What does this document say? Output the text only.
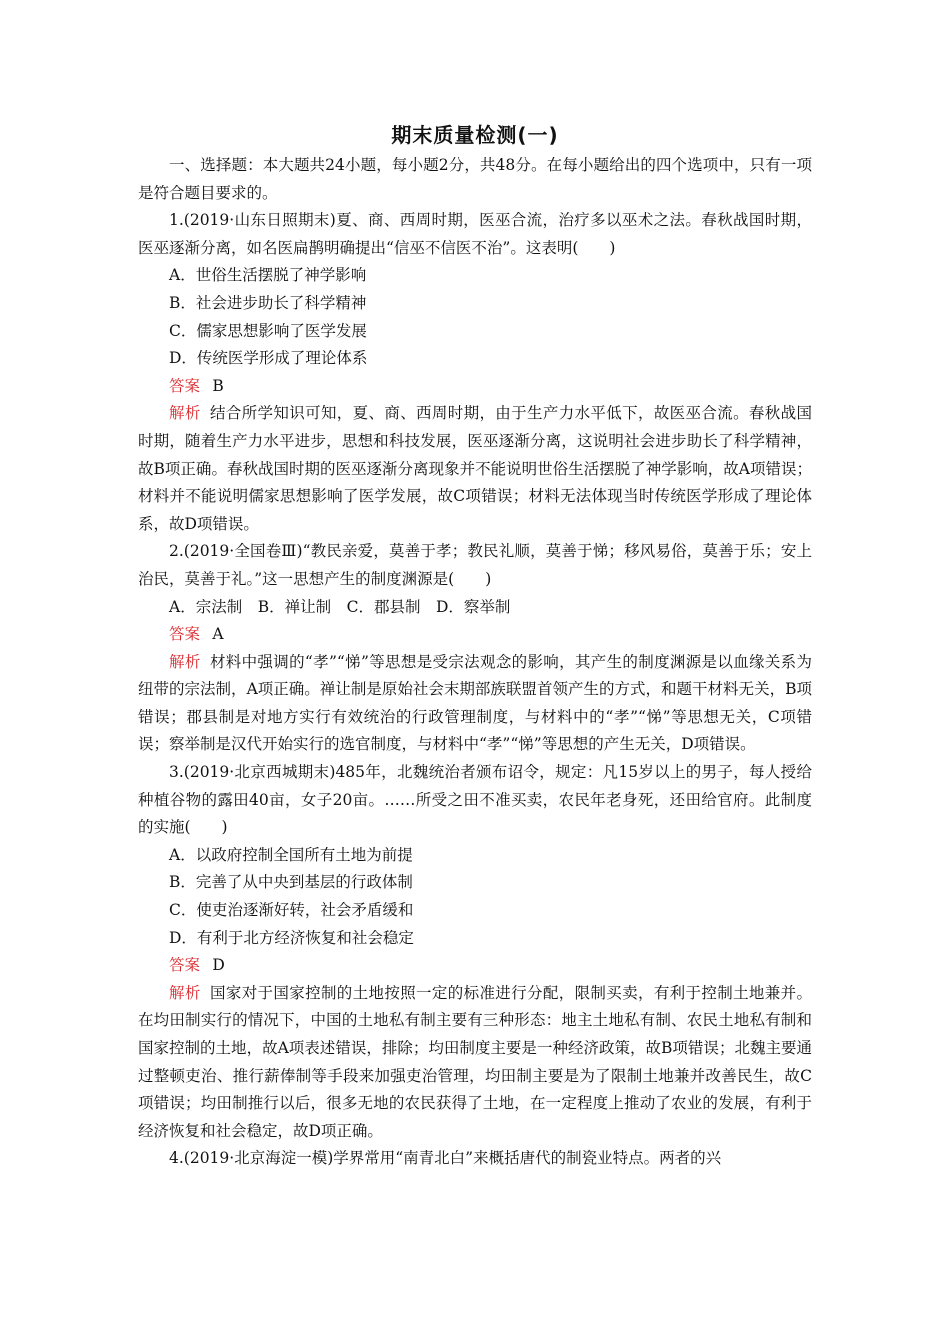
期末质量检测(一)

一、选择题：本大题共24小题，每小题2分，共48分。在每小题给出的四个选项中，只有一项是符合题目要求的。

1.(2019·山东日照期末)夏、商、西周时期，医巫合流，治疗多以巫术之法。春秋战国时期，医巫逐渐分离，如名医扁鹊明确提出“信巫不信医不治”。这表明(　　)

A．世俗生活摆脱了神学影响

B．社会进步助长了科学精神

C．儒家思想影响了医学发展

D．传统医学形成了理论体系

答案 B

解析 结合所学知识可知，夏、商、西周时期，由于生产力水平低下，故医巫合流。春秋战国时期，随着生产力水平进步，思想和科技发展，医巫逐渐分离，这说明社会进步助长了科学精神，故B项正确。春秋战国时期的医巫逐渐分离现象并不能说明世俗生活摆脱了神学影响，故A项错误；材料并不能说明儒家思想影响了医学发展，故C项错误；材料无法体现当时传统医学形成了理论体系，故D项错误。

2.(2019·全国卷Ⅲ)“教民亲爱，莫善于孝；教民礼顺，莫善于悌；移风易俗，莫善于乐；安上治民，莫善于礼。”这一思想产生的制度渊源是(　　)

A．宗法制　B．禅让制　C．郡县制　D．察举制

答案 A

解析 材料中强调的“孝”“悌”等思想是受宗法观念的影响，其产生的制度渊源是以血缘关系为纽带的宗法制，A项正确。禅让制是原始社会末期部族联盟首领产生的方式，和题干材料无关，B项错误；郡县制是对地方实行有效统治的行政管理制度，与材料中的“孝”“悌”等思想无关，C项错误；察举制是汉代开始实行的选官制度，与材料中“孝”“悌”等思想的产生无关，D项错误。

3.(2019·北京西城期末)485年，北魏统治者颁布诏令，规定：凡15岁以上的男子，每人授给种植谷物的露田40亩，女子20亩。……所受之田不准买卖，农民年老身死，还田给官府。此制度的实施(　　)

A．以政府控制全国所有土地为前提

B．完善了从中央到基层的行政体制

C．使吏治逐渐好转，社会矛盾缓和

D．有利于北方经济恢复和社会稳定

答案 D

解析 国家对于国家控制的土地按照一定的标准进行分配，限制买卖，有利于控制土地兼并。在均田制实行的情况下，中国的土地私有制主要有三种形态：地主土地私有制、农民土地私有制和国家控制的土地，故A项表述错误，排除；均田制度主要是一种经济政策，故B项错误；北魏主要通过整顿吏治、推行薪俸制等手段来加强吏治管理，均田制主要是为了限制土地兼并改善民生，故C项错误；均田制推行以后，很多无地的农民获得了土地，在一定程度上推动了农业的发展，有利于经济恢复和社会稳定，故D项正确。

4.(2019·北京海淀一模)学界常用“南青北白”来概括唐代的制瓷业特点。两者的兴
